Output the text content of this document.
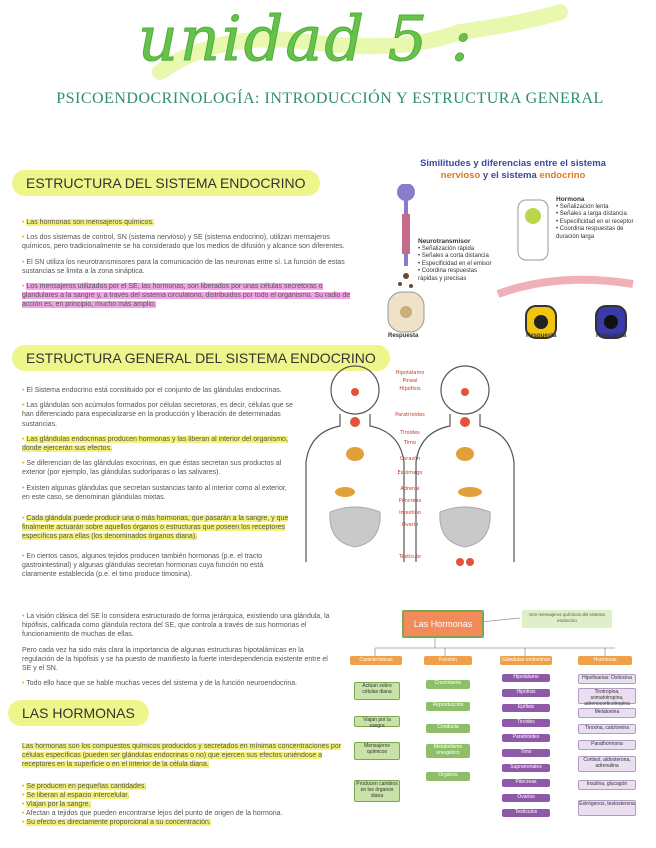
unidad 5 :
PSICOENDOCRINOLOGÍA: INTRODUCCIÓN Y ESTRUCTURA GENERAL
ESTRUCTURA DEL SISTEMA ENDOCRINO

• Las hormonas son mensajeros químicos.

• Los dos sistemas de control, SN (sistema nervioso) y SE (sistema endocrino), utilizan mensajeros químicos, pero tradicionalmente se ha considerado que los medios de difusión y alcance son diferentes.

• El SN utiliza los neurotransmisores para la comunicación de las neuronas entre sí. La función de estas sustancias se limita a la zona sináptica.

• Los mensajeros utilizados por el SE, las hormonas, son liberados por unas células secretoras o glandulares a la sangre y, a través del sistema circulatorio, distribuidos por todo el organismo. Su radio de acción es, en principio, mucho más amplio.

Similitudes y diferencias entre el sistema
nervioso y el sistema endocrino
Neurotransmisor
• Señalización rápida
• Señales a corta distancia
• Especificidad en el emisor
• Coordina respuestas rápidas y precisas
Hormona
• Señalización lenta
• Señales a larga distancia
• Especificidad en el receptor
• Coordina respuestas de duración larga
Respuesta	Respuesta	Respuesta
ESTRUCTURA GENERAL DEL SISTEMA ENDOCRINO

• El Sistema endocrino está constituido por el conjunto de las glándulas endocrinas.

• Las glándulas son acúmulos formados por células secretoras, es decir, células que se han diferenciado para especializarse en la producción y liberación de determinadas sustancias.

• Las glándulas endocrinas producen hormonas y las liberan al interior del organismo, donde ejercerán sus efectos.

• Se diferencian de las glándulas exocrinas, en que éstas secretan sus productos al exterior (por ejemplo, las glándulas sudoríparas o las salivares).

• Existen algunas glándulas que secretan sustancias tanto al interior como al exterior, en este caso, se denominan glándulas mixtas.

• Cada glándula puede producir una o más hormonas, que pasarán a la sangre, y que finalmente actuarán sobre aquellos órganos o estructuras que poseen los receptores específicos para ellas (los denominados órganos diana).

• En ciertos casos, algunos tejidos producen también hormonas (p.e. el tracto gastrointestinal) y algunas glándulas secretan hormonas cuya función no está claramente establecida (p.e. el timo produce timosina).

• La visión clásica del SE lo considera estructurado de forma jerárquica, existiendo una glándula, la hipófisis, calificada como glándula rectora del SE, que controla a través de sus hormonas el funcionamiento de muchas de ellas.

Pero cada vez ha sido más clara la importancia de algunas estructuras hipotalámicas en la regulación de la hipófisis y se ha puesto de manifiesto la fuerte interdependencia existente entre el SE y el SN.

• Todo ello hace que se hable muchas veces del sistema y de la función neuroendocrina.

Hipotálamo
Pineal
Hipófisis
Paratiroides
Tiroides
Timo
Corazón
Estómago
Adrenal
Páncreas
Intestino
Ovario
Testículo
LAS HORMONAS

Las hormonas son los compuestos químicos producidos y secretados en mínimas concentraciones por células específicas (pueden ser glándulas endocrinas o no) que ejercen sus efectos uniéndose a receptores en la superficie o en el interior de la célula diana.

• Se producen en pequeñas cantidades.
• Se liberan al espacio intercelular.
• Viajan por la sangre.
• Afectan a tejidos que pueden encontrarse lejos del punto de origen de la hormona.
• Su efecto es directamente proporcional a su concentración.
Las Hormonas
Son mensajeros químicos del sistema endocrino
Características	Función	Glándulas endocrinas	Hormonas
Actúan sobre células diana
Viajan por la sangre
Mensajeros químicos
Producen cambios en los órganos diana
Crecimiento
Reproducción
Conducta
Metabolismo energético
Órganos
Hipotálamo
Hipófisis
Epífisis
Tiroides
Paratiroides
Timo
Suprarrenales
Páncreas
Ovarios
Testículos
Hipofisarias: Oxitocina
Tirotropina, somatotropina, adrenocorticotropina
Melatonina
Tiroxina, calcitonina
Parathormona
Cortisol, aldosterona, adrenalina
Insulina, glucagón
Estrógenos, testosterona
